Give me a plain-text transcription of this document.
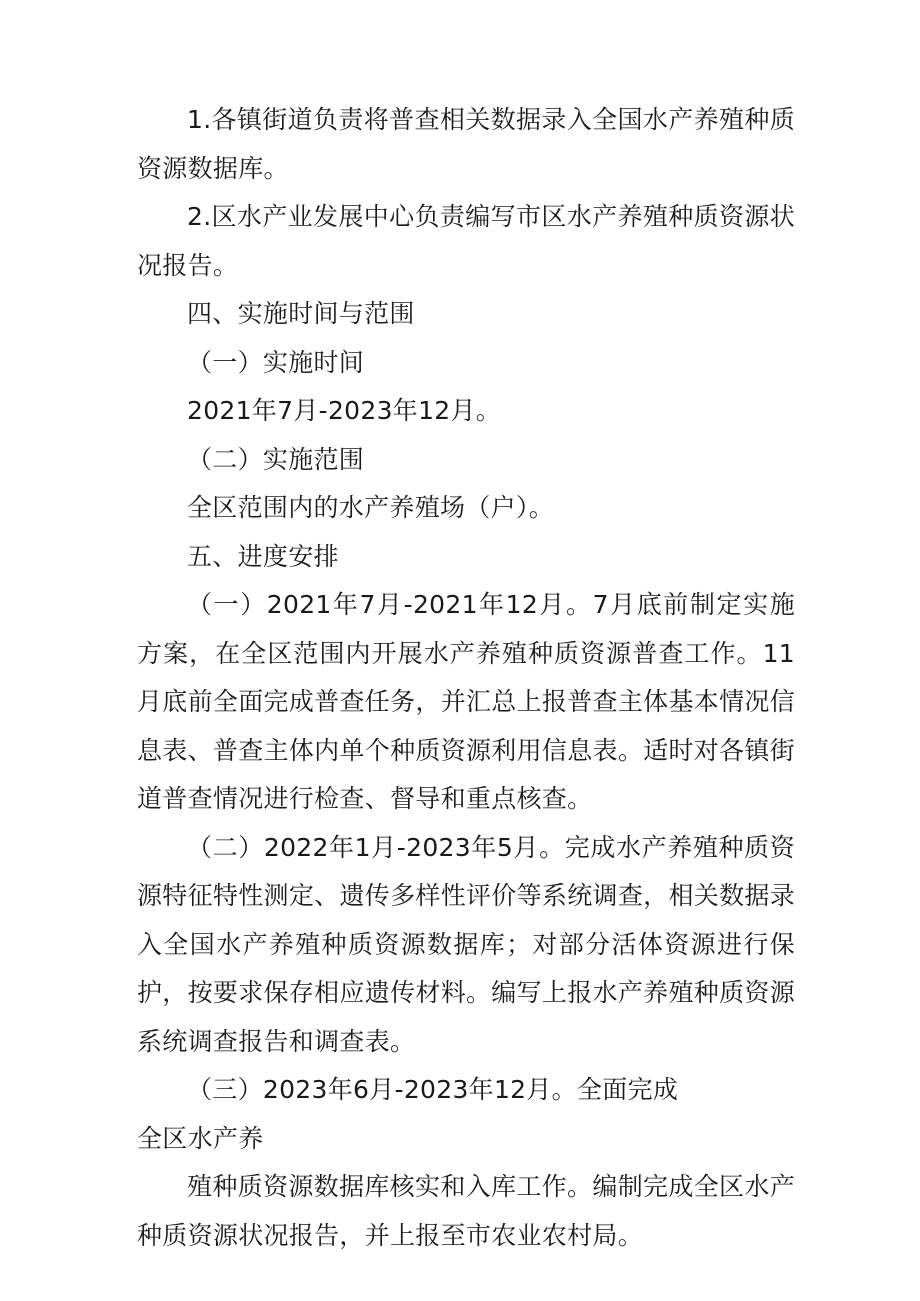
1.各镇街道负责将普查相关数据录入全国水产养殖种质资源数据库。

2.区水产业发展中心负责编写市区水产养殖种质资源状况报告。

四、实施时间与范围

（一）实施时间

2021年7月-2023年12月。

（二）实施范围

全区范围内的水产养殖场（户）。

五、进度安排

（一）2021年7月-2021年12月。7月底前制定实施方案，在全区范围内开展水产养殖种质资源普查工作。11月底前全面完成普查任务，并汇总上报普查主体基本情况信息表、普查主体内单个种质资源利用信息表。适时对各镇街道普查情况进行检查、督导和重点核查。

（二）2022年1月-2023年5月。完成水产养殖种质资源特征特性测定、遗传多样性评价等系统调查，相关数据录入全国水产养殖种质资源数据库；对部分活体资源进行保护，按要求保存相应遗传材料。编写上报水产养殖种质资源系统调查报告和调查表。

（三）2023年6月-2023年12月。全面完成全区水产养

殖种质资源数据库核实和入库工作。编制完成全区水产种质资源状况报告，并上报至市农业农村局。
